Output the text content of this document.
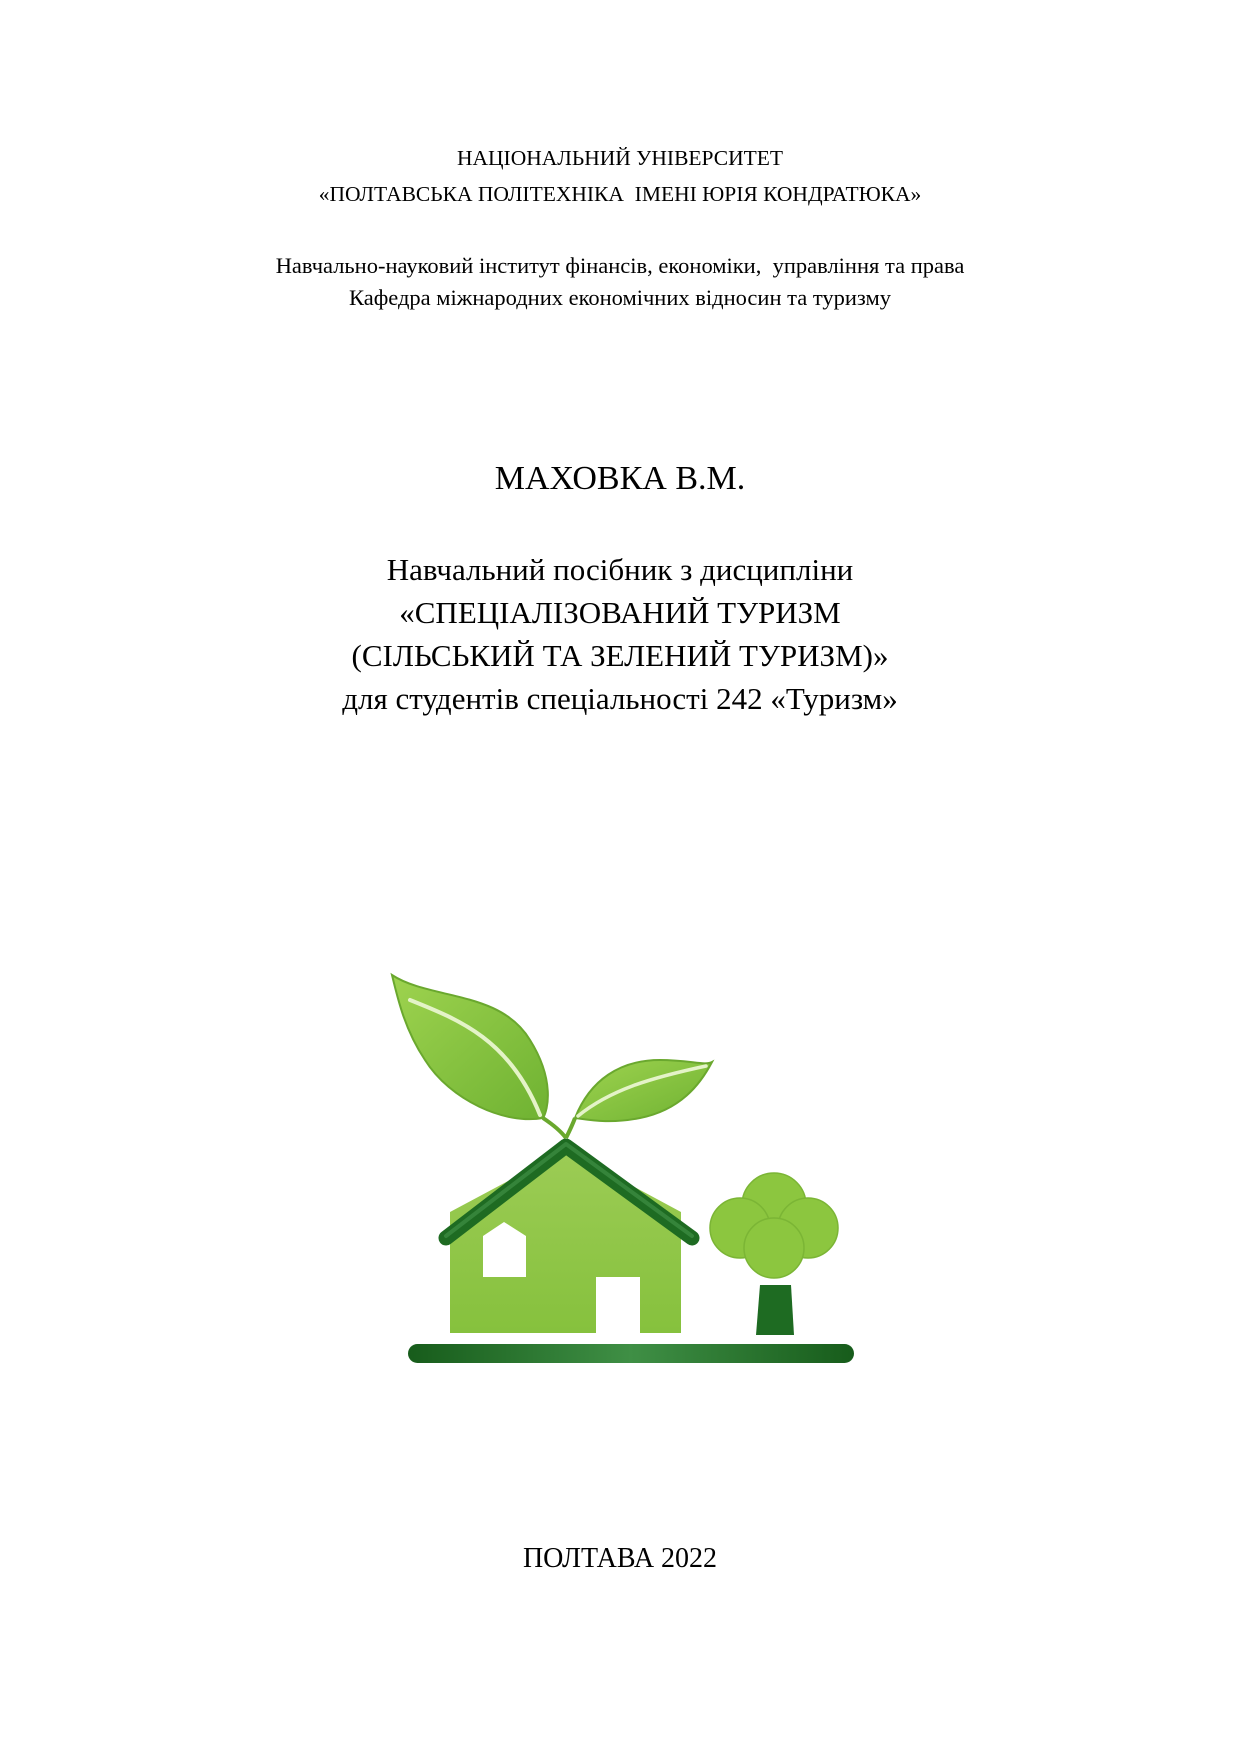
НАЦІОНАЛЬНИЙ УНІВЕРСИТЕТ
«ПОЛТАВСЬКА ПОЛІТЕХНІКА  ІМЕНІ ЮРІЯ КОНДРАТЮКА»
Навчально-науковий інститут фінансів, економіки,  управління та права
Кафедра міжнародних економічних відносин та туризму
МАХОВКА В.М.
Навчальний посібник з дисципліни
«СПЕЦІАЛІЗОВАНИЙ ТУРИЗМ
(СІЛЬСЬКИЙ ТА ЗЕЛЕНИЙ ТУРИЗМ)»
для студентів спеціальності 242 «Туризм»
ПОЛТАВА 2022
